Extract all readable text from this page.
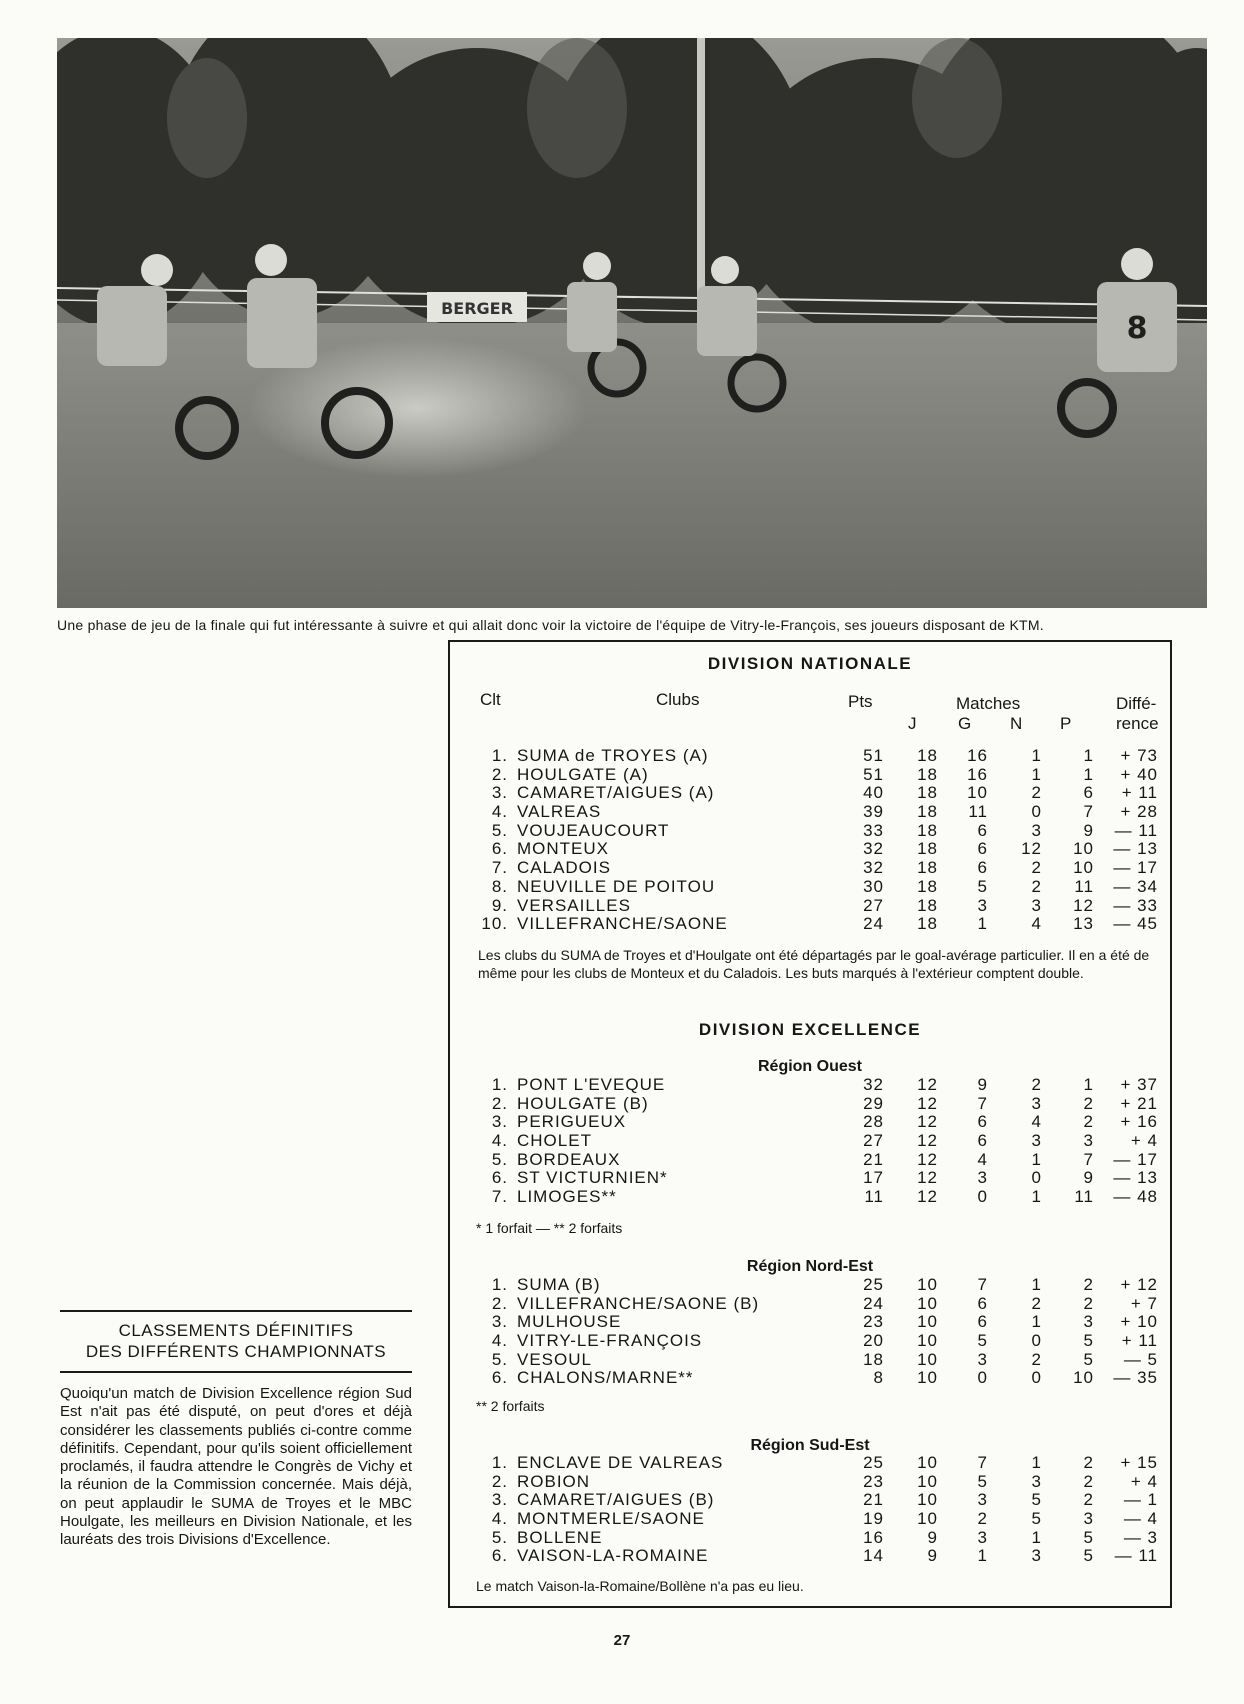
BERGER
8
Une phase de jeu de la finale qui fut intéressante à suivre et qui allait donc voir la victoire de l'équipe de Vitry-le-François, ses joueurs disposant de KTM.
CLASSEMENTS DÉFINITIFS
DES DIFFÉRENTS CHAMPIONNATS
Quoiqu'un match de Division Excellence région Sud Est n'ait pas été disputé, on peut d'ores et déjà considérer les classements publiés ci-contre comme définitifs. Cependant, pour qu'ils soient officiellement proclamés, il faudra attendre le Congrès de Vichy et la réunion de la Commission concernée. Mais déjà, on peut applaudir le SUMA de Troyes et le MBC Houlgate, les meilleurs en Division Nationale, et les lauréats des trois Divisions d'Excellence.
DIVISION NATIONALE
Clt	Clubs	Pts	Matches
J G N P
Diffé-
rence
1. SUMA de TROYES (A)	51	18	16	1	1	+ 73
2. HOULGATE (A)	51	18	16	1	1	+ 40
3. CAMARET/AIGUES (A)	40	18	10	2	6	+ 11
4. VALREAS	39	18	11	0	7	+ 28
5. VOUJEAUCOURT	33	18	6	3	9	— 11
6. MONTEUX	32	18	6	12	10	— 13
7. CALADOIS	32	18	6	2	10	— 17
8. NEUVILLE DE POITOU	30	18	5	2	11	— 34
9. VERSAILLES	27	18	3	3	12	— 33
10. VILLEFRANCHE/SAONE	24	18	1	4	13	— 45
Les clubs du SUMA de Troyes et d'Houlgate ont été départagés par le goal-avérage particulier. Il en a été de même pour les clubs de Monteux et du Caladois. Les buts marqués à l'extérieur comptent double.
DIVISION EXCELLENCE
Région Ouest
1. PONT L'EVEQUE	32	12	9	2	1	+ 37
2. HOULGATE (B)	29	12	7	3	2	+ 21
3. PERIGUEUX	28	12	6	4	2	+ 16
4. CHOLET	27	12	6	3	3	+ 4
5. BORDEAUX	21	12	4	1	7	— 17
6. ST VICTURNIEN*	17	12	3	0	9	— 13
7. LIMOGES**	11	12	0	1	11	— 48
* 1 forfait — ** 2 forfaits
Région Nord-Est
1. SUMA (B)	25	10	7	1	2	+ 12
2. VILLEFRANCHE/SAONE (B)	24	10	6	2	2	+ 7
3. MULHOUSE	23	10	6	1	3	+ 10
4. VITRY-LE-FRANÇOIS	20	10	5	0	5	+ 11
5. VESOUL	18	10	3	2	5	— 5
6. CHALONS/MARNE**	8	10	0	0	10	— 35
** 2 forfaits
Région Sud-Est
1. ENCLAVE DE VALREAS	25	10	7	1	2	+ 15
2. ROBION	23	10	5	3	2	+ 4
3. CAMARET/AIGUES (B)	21	10	3	5	2	— 1
4. MONTMERLE/SAONE	19	10	2	5	3	— 4
5. BOLLENE	16	9	3	1	5	— 3
6. VAISON-LA-ROMAINE	14	9	1	3	5	— 11
Le match Vaison-la-Romaine/Bollène n'a pas eu lieu.
27
